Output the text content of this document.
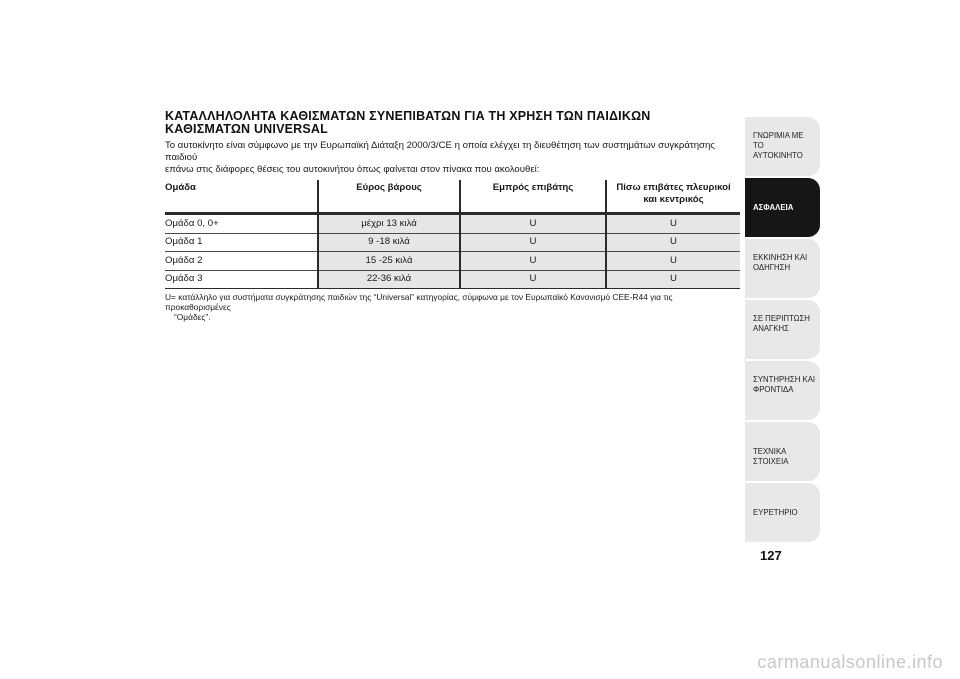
ΚΑΤΑΛΛΗΛΟΛΗΤΑ ΚΑΘΙΣΜΑΤΩΝ ΣΥΝΕΠΙΒΑΤΩΝ ΓΙΑ ΤΗ ΧΡΗΣΗ ΤΩΝ ΠΑΙΔΙΚΩΝ
ΚΑΘΙΣΜΑΤΩΝ UNIVERSAL

Το αυτοκίνητο είναι σύμφωνο με την Ευρωπαϊκή Διάταξη 2000/3/CE η οποία ελέγχει τη διευθέτηση των συστημάτων συγκράτησης παιδιού
επάνω στις διάφορες θέσεις του αυτοκινήτου όπως φαίνεται στον πίνακα που ακολουθεί:

Ομάδα	Εύρος βάρους	Εμπρός επιβάτης	Πίσω επιβάτες πλευρικοί και κεντρικός
Ομάδα 0, 0+	μέχρι 13 κιλά	U	U
Ομάδα 1	9 -18 κιλά	U	U
Ομάδα 2	15 -25 κιλά	U	U
Ομάδα 3	22-36 κιλά	U	U

U= κατάλληλο για συστήματα συγκράτησης παιδιών της “Universal” κατηγορίας, σύμφωνα με τον Ευρωπαϊκό Κανονισμό CEE-R44 για τις προκαθορισμένες
“Ομάδες”.

ΓΝΩΡΙΜΙΑ ΜΕ ΤΟ
ΑΥΤΟΚΙΝΗΤΟ
ΑΣΦΑΛΕΙΑ
ΕΚΚΙΝΗΣΗ ΚΑΙ
ΟΔΗΓΗΣΗ
ΣΕ ΠΕΡΙΠΤΩΣΗ
ΑΝΑΓΚΗΣ
ΣΥΝΤΗΡΗΣΗ ΚΑΙ
ΦΡΟΝΤΙΔΑ
ΤΕΧΝΙΚΑ ΣΤΟΙΧΕΙΑ
ΕΥΡΕΤΗΡΙΟ
127
carmanualsonline.info
